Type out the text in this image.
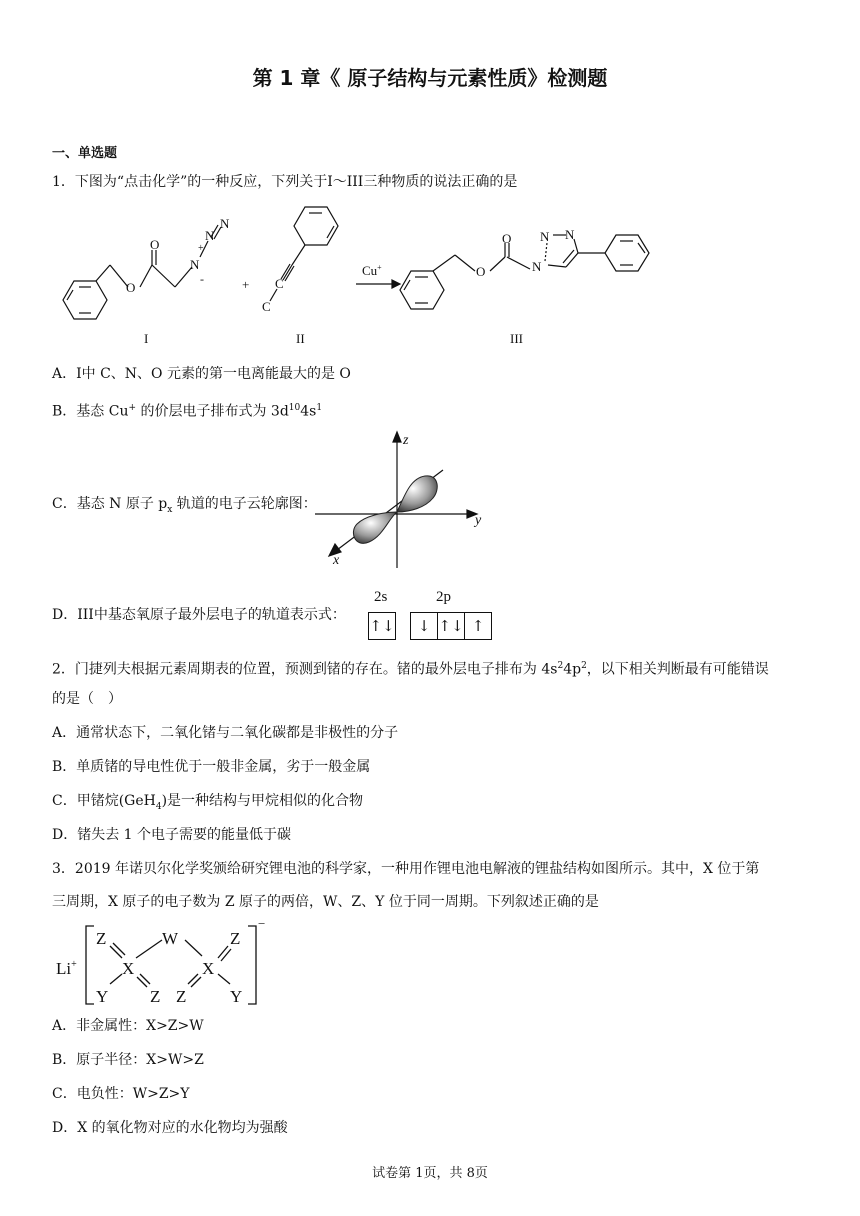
第 1 章《 原子结构与元素性质》检测题
一、单选题
1．下图为“点击化学”的一种反应，下列关于I～III三种物质的说法正确的是
O
O
N
N
N
+
-	+ C
C
Cu+	O
O
N
N N
I	II	III
A．I中 C、N、O 元素的第一电离能最大的是 O
B．基态 Cu+ 的价层电子排布式为 $3d^{10}4s^1$
C．基态 N 原子 $p_x$ 轨道的电子云轮廓图：
z
y
x
D．III中基态氧原子最外层电子的轨道表示式：
2s	2p
↑↓	↓ ↑↓ ↑
2．门捷列夫根据元素周期表的位置，预测到锗的存在。锗的最外层电子排布为 $4s^24p^2$，以下相关判断最有可能错误
的是（　）
A．通常状态下，二氧化锗与二氧化碳都是非极性的分子
B．单质锗的导电性优于一般非金属，劣于一般金属
C．甲锗烷(GeH$_4$)是一种结构与甲烷相似的化合物
D．锗失去 1 个电子需要的能量低于碳
3．2019 年诺贝尔化学奖颁给研究锂电池的科学家，一种用作锂电池电解液的锂盐结构如图所示。其中，X 位于第
三周期，X 原子的电子数为 Z 原子的两倍，W、Z、Y 位于同一周期。下列叙述正确的是
Li+
Z	W	Z
X	X
Y Z Z	Y
−
A．非金属性：X>Z>W
B．原子半径：X>W>Z
C．电负性：W>Z>Y
D．X 的氧化物对应的水化物均为强酸
试卷第 1页，共 8页
